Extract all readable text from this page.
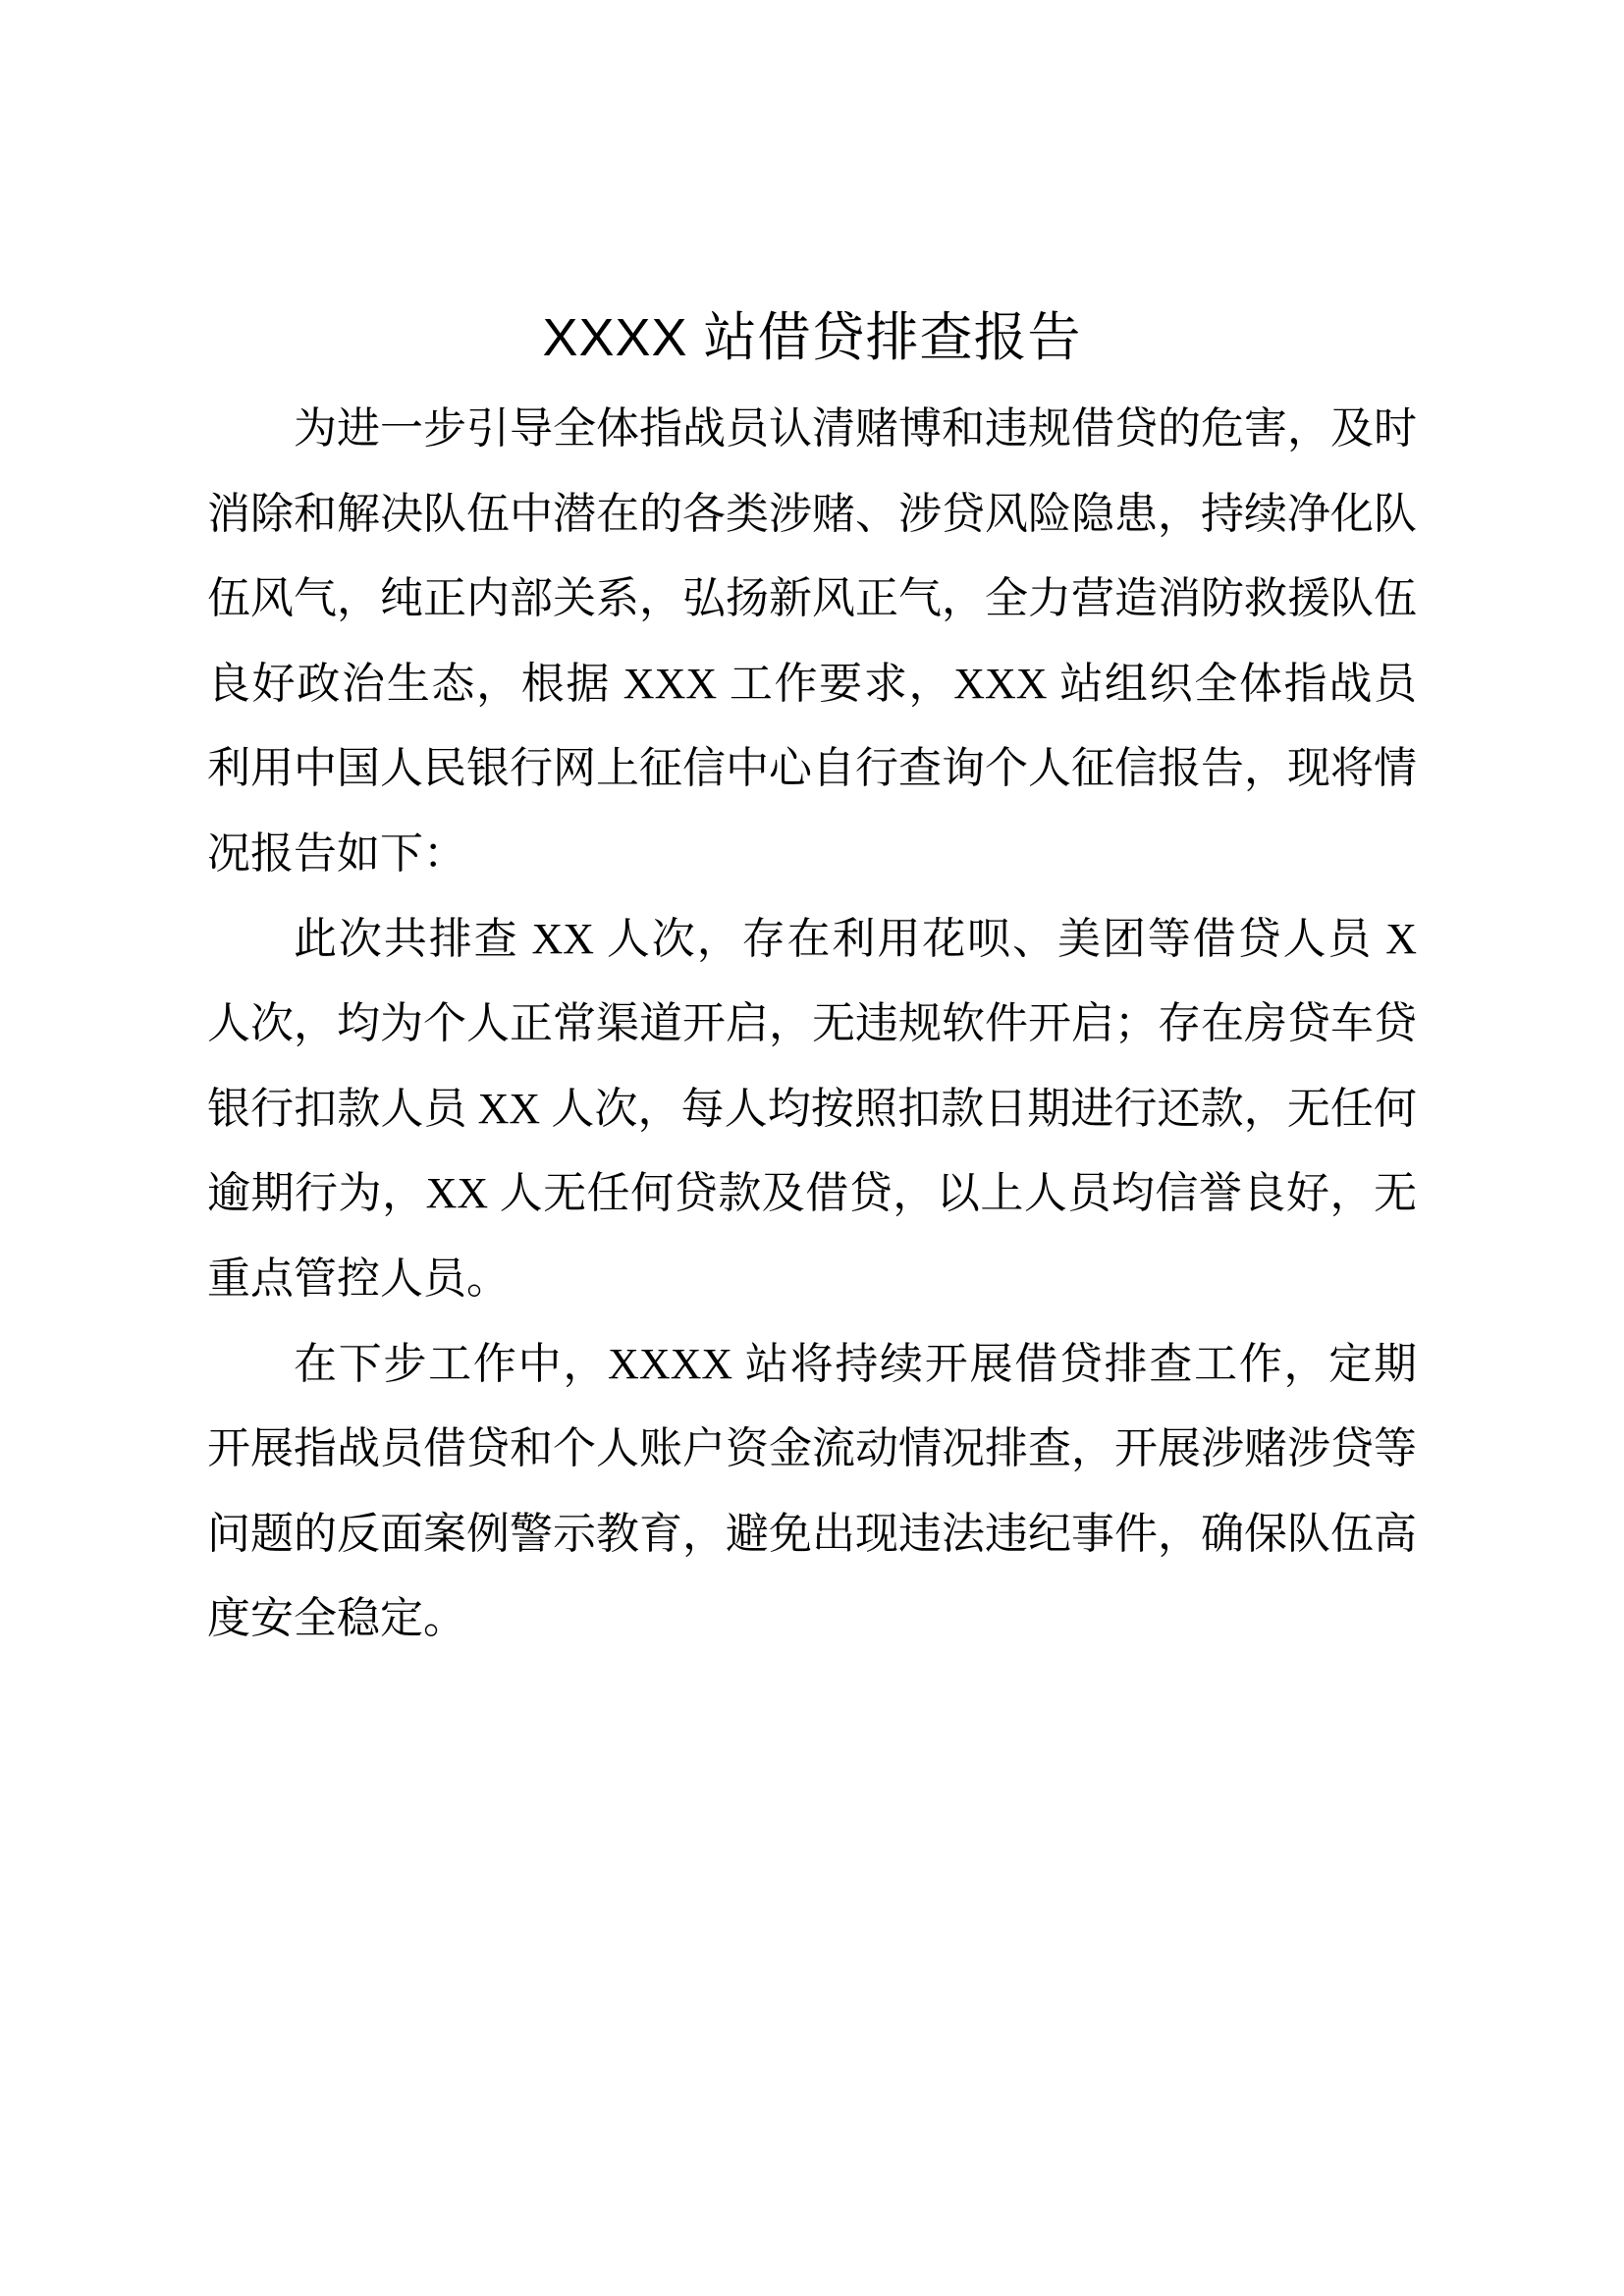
XXXX 站借贷排查报告

为进一步引导全体指战员认清赌博和违规借贷的危害，及时消除和解决队伍中潜在的各类涉赌、涉贷风险隐患，持续净化队伍风气，纯正内部关系，弘扬新风正气，全力营造消防救援队伍良好政治生态，根据 XXX 工作要求，XXX 站组织全体指战员利用中国人民银行网上征信中心自行查询个人征信报告，现将情况报告如下：

此次共排查 XX 人次，存在利用花呗、美团等借贷人员 X 人次，均为个人正常渠道开启，无违规软件开启；存在房贷车贷银行扣款人员 XX 人次，每人均按照扣款日期进行还款，无任何逾期行为，XX 人无任何贷款及借贷，以上人员均信誉良好，无重点管控人员。

在下步工作中，XXXX 站将持续开展借贷排查工作，定期开展指战员借贷和个人账户资金流动情况排查，开展涉赌涉贷等问题的反面案例警示教育，避免出现违法违纪事件，确保队伍高度安全稳定。
